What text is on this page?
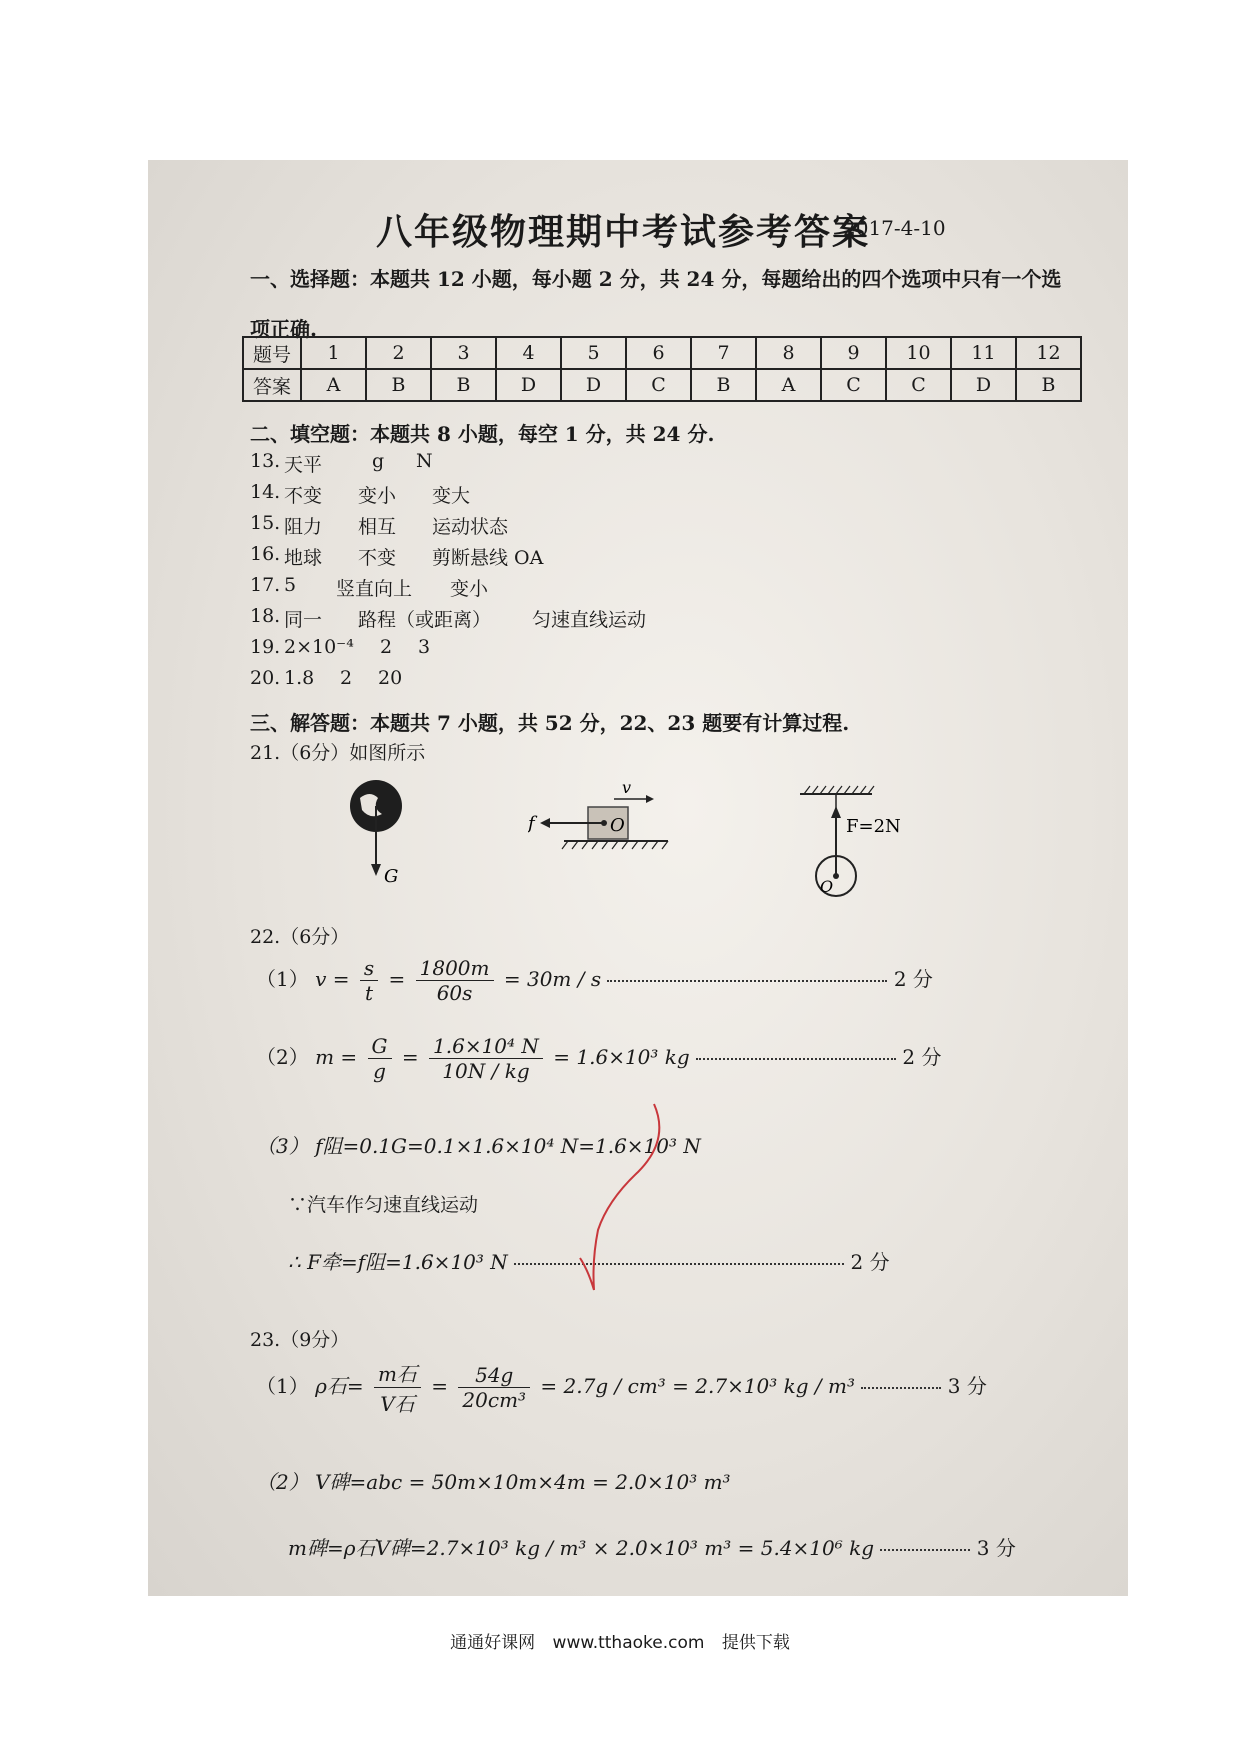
八年级物理期中考试参考答案
2017-4-10
一、选择题：本题共 12 小题，每小题 2 分，共 24 分，每题给出的四个选项中只有一个选
项正确.
题号	1	2	3	4	5	6	7	8	9	10	11	12
答案	A	B	B	D	D	C	B	A	C	C	D	B
二、填空题：本题共 8 小题，每空 1 分，共 24 分.
13. 天平	g N
14. 不变 变小 变大
15. 阻力 相互 运动状态
16. 地球 不变 剪断悬线 OA
17. 5 竖直向上 变小
18. 同一 路程（或距离） 匀速直线运动
19. 2×10⁻⁴ 2 3
20. 1.8 2 20
三、解答题：本题共 7 小题，共 52 分，22、23 题要有计算过程.
21.（6分）如图所示
G
v
O
f	F=2N
O
22.（6分）
（1） $v = \frac{s}{t} = \frac{1800m}{60s} = 30m / s$	2 分
（2） $m = \frac{G}{g} = \frac{\text{1.6×10⁴ N}}{10N / kg} = 1.6\times 10^3$ kg	2 分
（3） f阻=0.1G=0.1×1.6×10⁴ N=1.6×10³ N
∵汽车作匀速直线运动
∴ F牵=f阻=1.6×10³ N	2 分
23.（9分）
（1） ρ石= $\frac{\text{m石}}{\text{V石}} = \frac{54g}{\text{20cm³}} = 2.7g / cm^3 = 2.7\times 10^3$ kg / m³	3 分
（2） V碑=abc = 50m×10m×4m = 2.0×10³ m³
m碑=ρ石V碑=2.7×10³ kg / m³ × 2.0×10³ m³ = 5.4×10⁶ kg	3 分
通通好课网 www.tthaoke.com 提供下载
